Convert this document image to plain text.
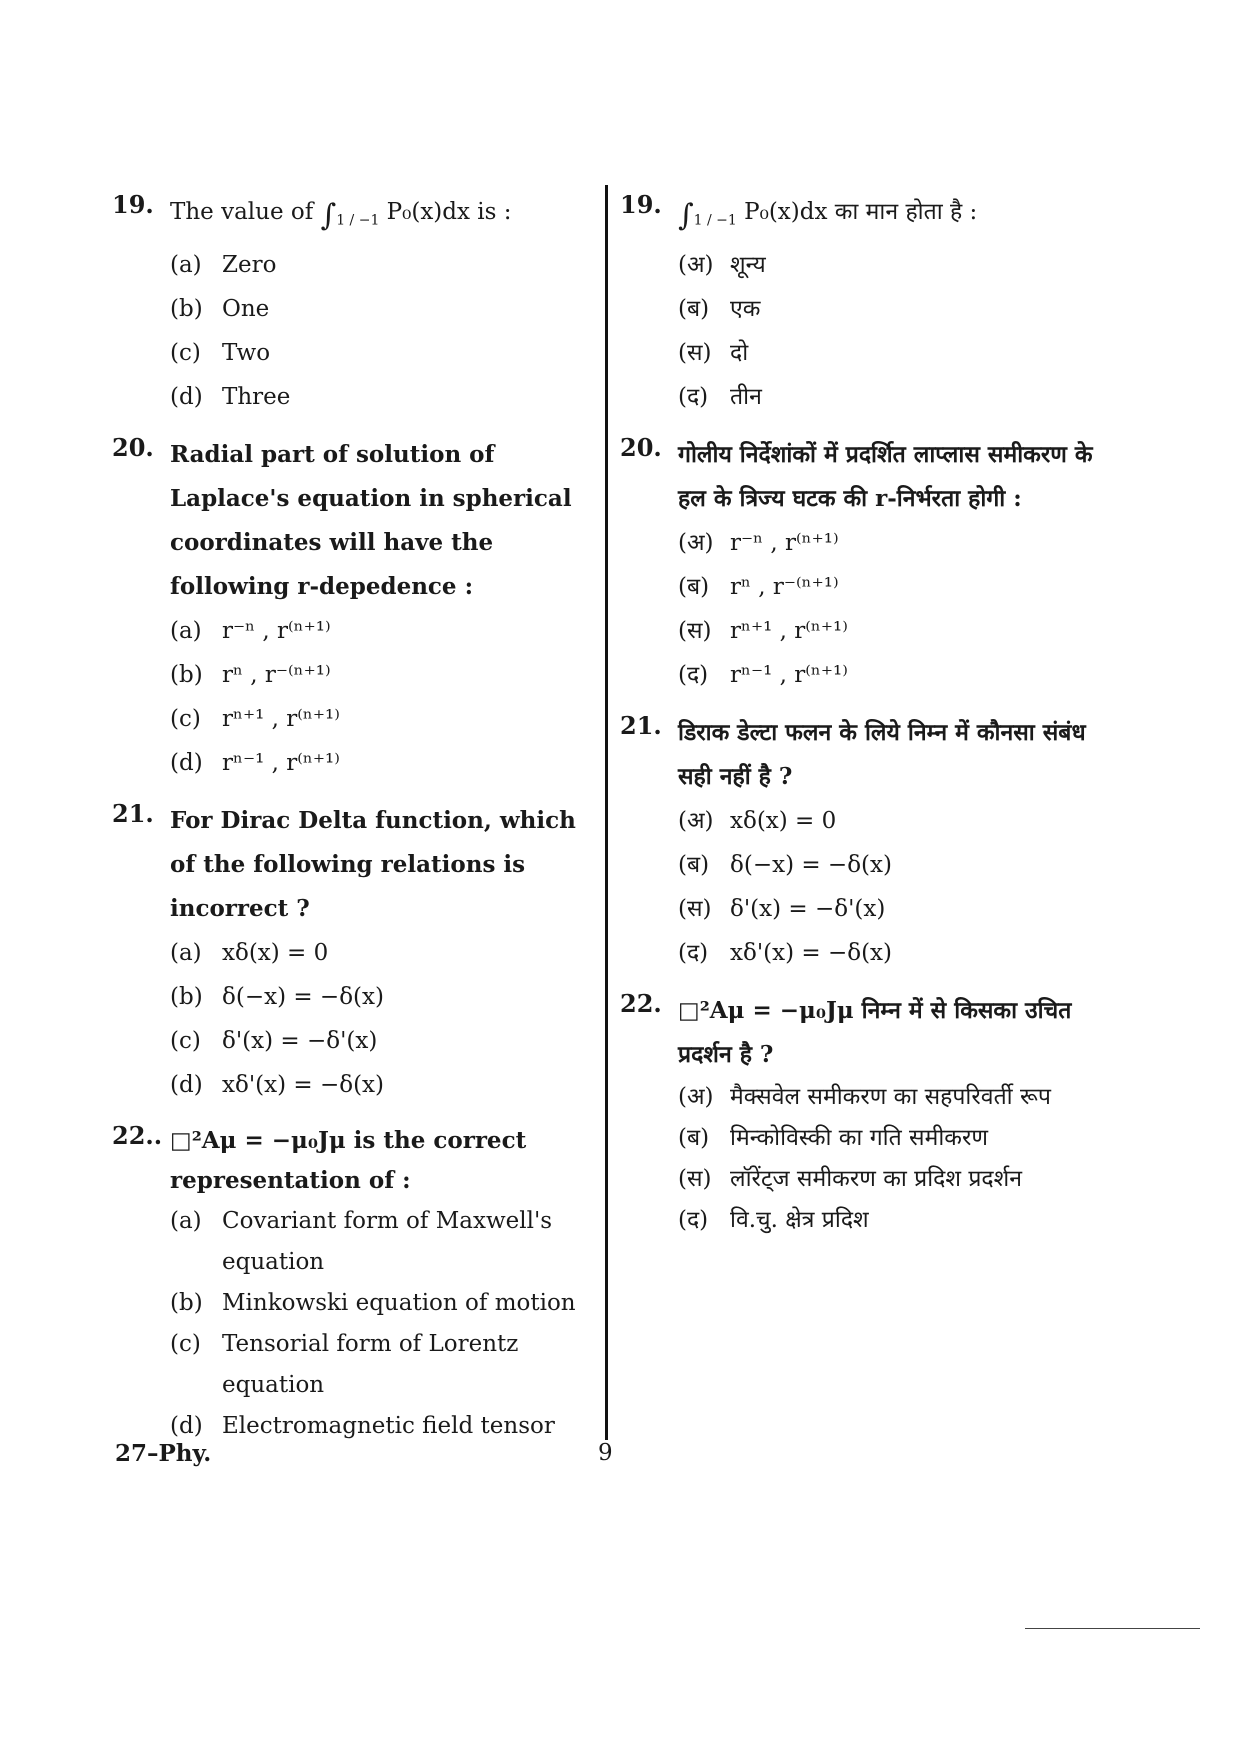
19. The value of $\int_{1 / -1}$ P₀(x)dx is :
(a) Zero
(b) One
(c) Two
(d) Three
20. Radial part of solution of Laplace's equation in spherical coordinates will have the following r-depedence :
(a) r⁻ⁿ , r⁽ⁿ⁺¹⁾
(b) rⁿ , r⁻⁽ⁿ⁺¹⁾
(c) rⁿ⁺¹ , r⁽ⁿ⁺¹⁾
(d) rⁿ⁻¹ , r⁽ⁿ⁺¹⁾
21. For Dirac Delta function, which of the following relations is incorrect ?
(a) xδ(x) = 0
(b) δ(−x) = −δ(x)
(c) δ'(x) = −δ'(x)
(d) xδ'(x) = −δ(x)
22.. □²Aμ = −μ₀Jμ is the correct representation of :
(a) Covariant form of Maxwell's equation
(b) Minkowski equation of motion
(c) Tensorial form of Lorentz equation
(d) Electromagnetic field tensor
19. $\int_{1 / -1}$ P₀(x)dx का मान होता है :
(अ) शून्य
(ब) एक
(स) दो
(द) तीन
20. गोलीय निर्देशांकों में प्रदर्शित लाप्लास समीकरण के हल के त्रिज्य घटक की r-निर्भरता होगी :
(अ) r⁻ⁿ , r⁽ⁿ⁺¹⁾
(ब) rⁿ , r⁻⁽ⁿ⁺¹⁾
(स) rⁿ⁺¹ , r⁽ⁿ⁺¹⁾
(द) rⁿ⁻¹ , r⁽ⁿ⁺¹⁾
21. डिराक डेल्टा फलन के लिये निम्न में कौनसा संबंध सही नहीं है ?
(अ) xδ(x) = 0
(ब) δ(−x) = −δ(x)
(स) δ'(x) = −δ'(x)
(द) xδ'(x) = −δ(x)
22. □²Aμ = −μ₀Jμ निम्न में से किसका उचित प्रदर्शन है ?
(अ) मैक्सवेल समीकरण का सहपरिवर्ती रूप
(ब) मिन्कोविस्की का गति समीकरण
(स) लॉरेंट्ज समीकरण का प्रदिश प्रदर्शन
(द) वि.चु. क्षेत्र प्रदिश
27–Phy.	9
